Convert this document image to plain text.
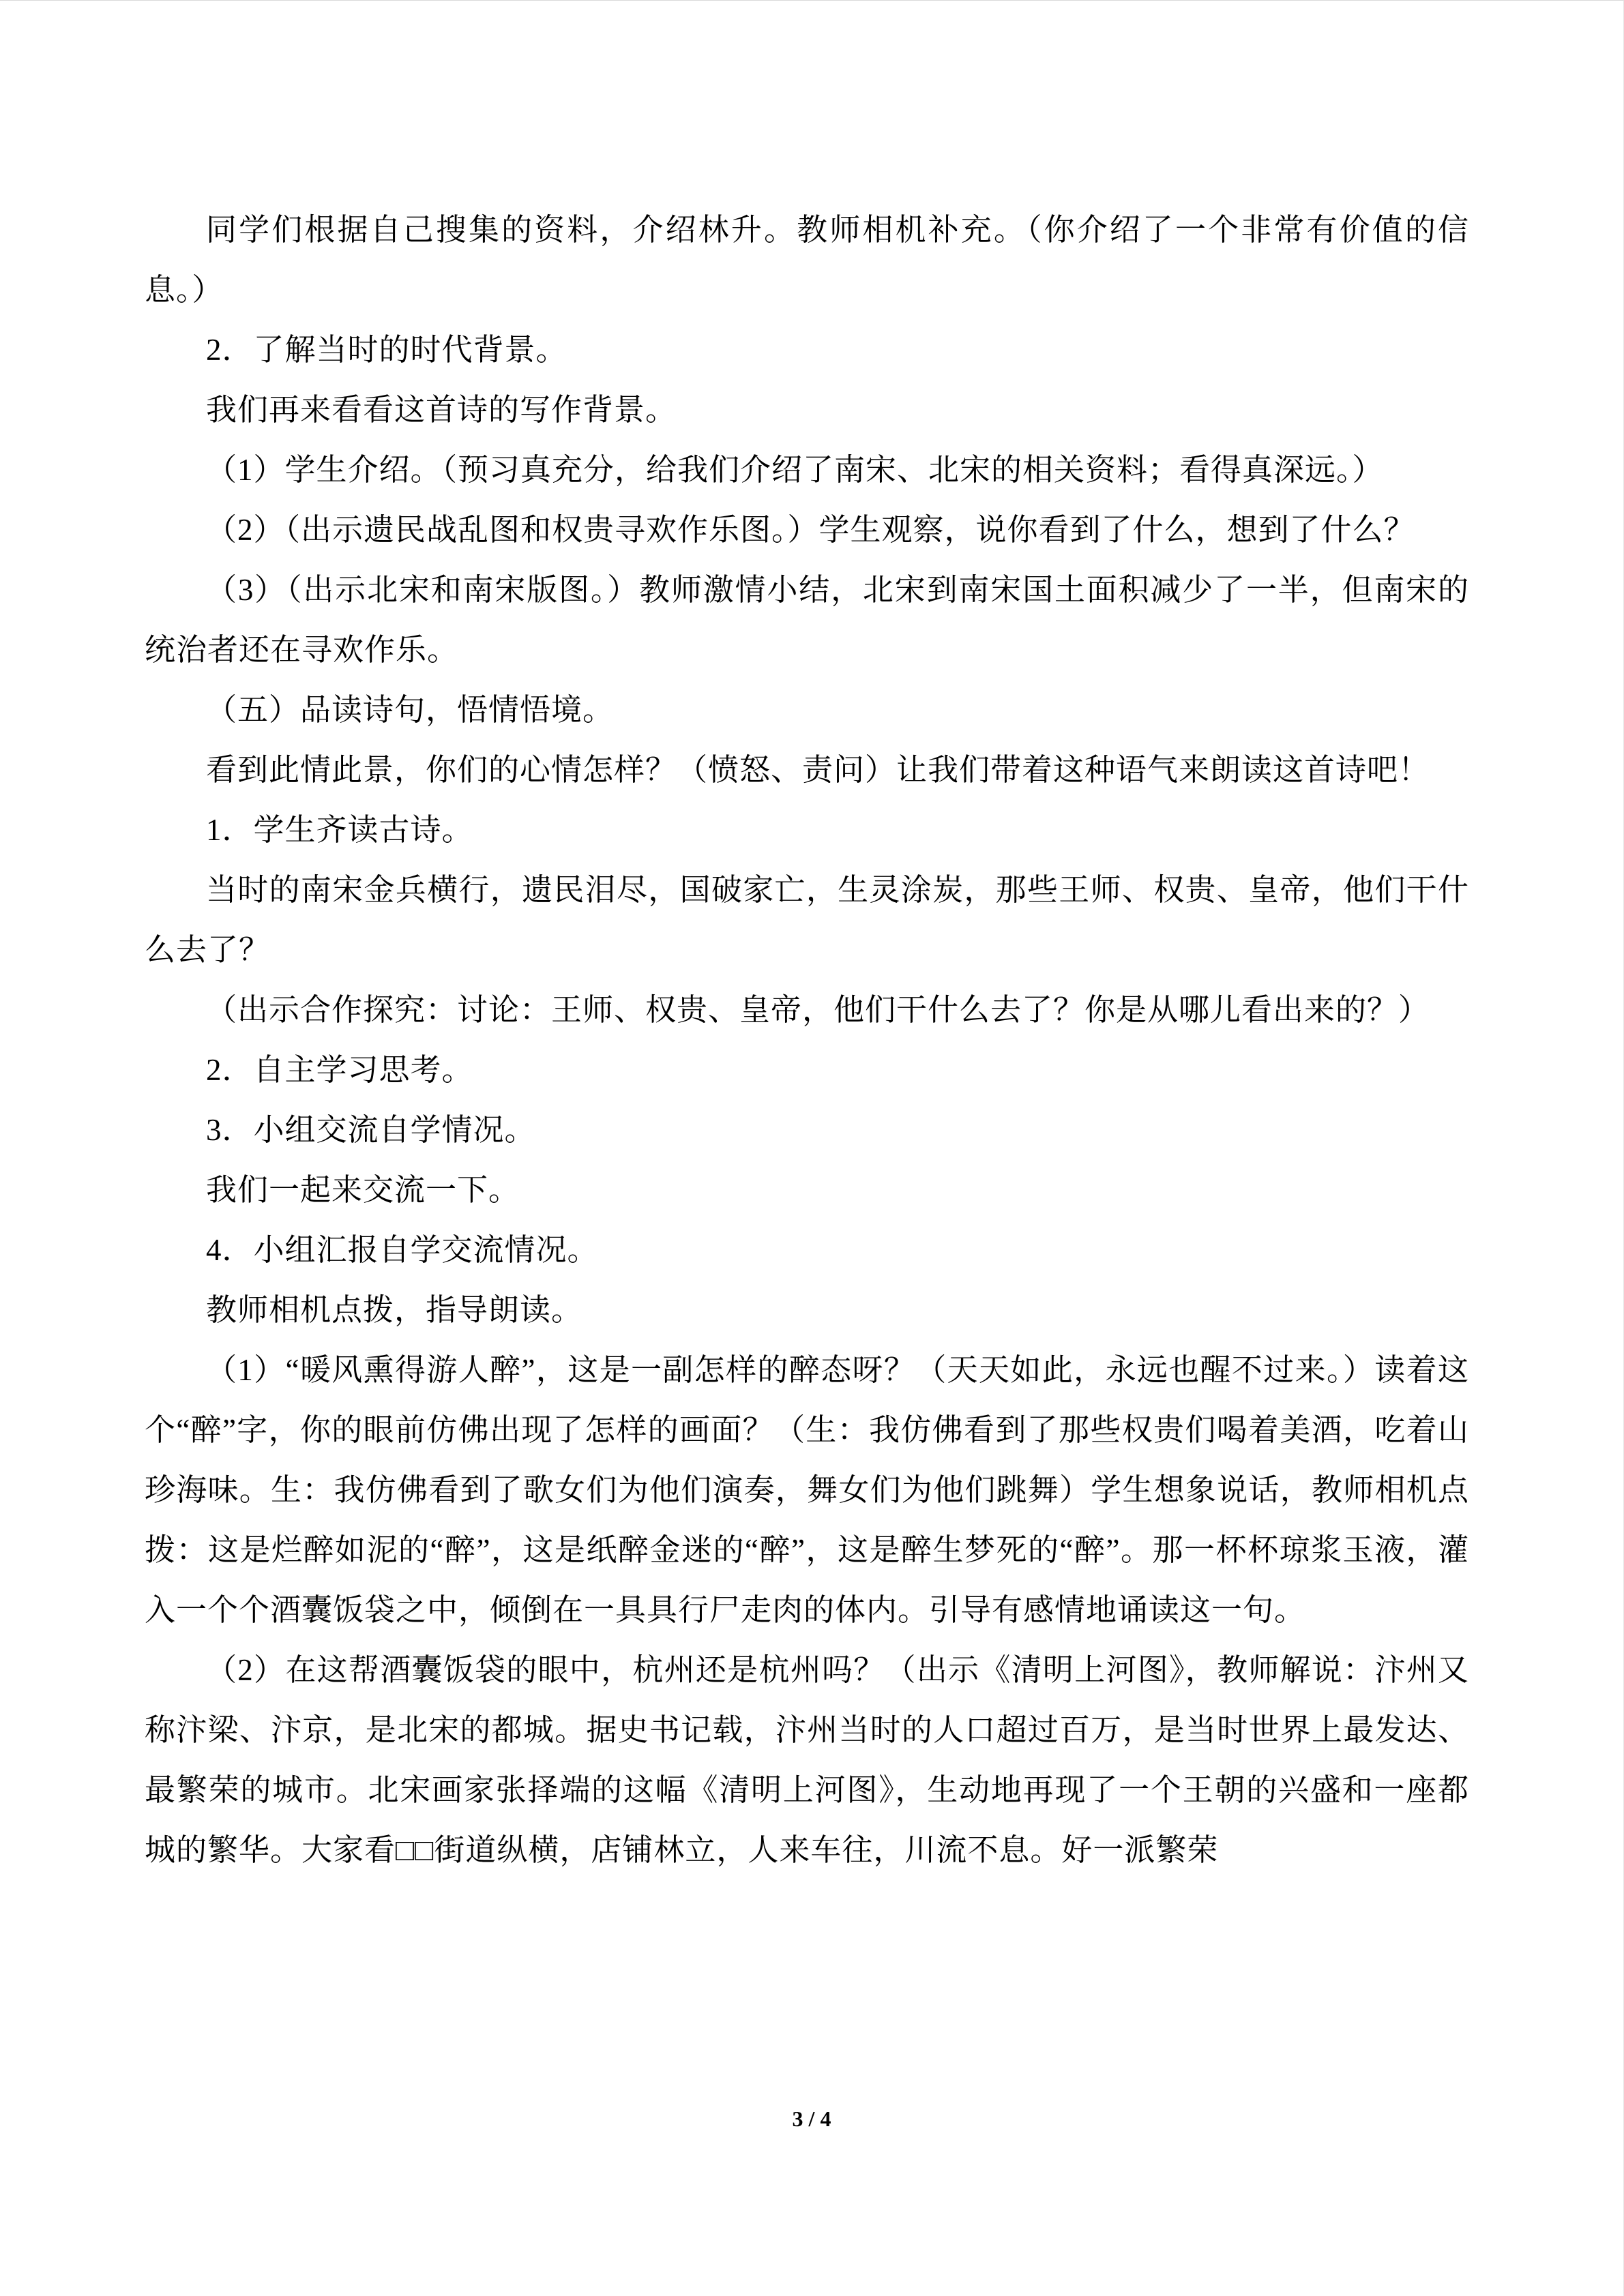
同学们根据自己搜集的资料，介绍林升。教师相机补充。（你介绍了一个非常有价值的信息。）

2．了解当时的时代背景。

我们再来看看这首诗的写作背景。

（1）学生介绍。（预习真充分，给我们介绍了南宋、北宋的相关资料；看得真深远。）

（2）（出示遗民战乱图和权贵寻欢作乐图。）学生观察，说你看到了什么，想到了什么？

（3）（出示北宋和南宋版图。）教师激情小结，北宋到南宋国土面积减少了一半，但南宋的统治者还在寻欢作乐。

（五）品读诗句，悟情悟境。

看到此情此景，你们的心情怎样？（愤怒、责问）让我们带着这种语气来朗读这首诗吧！

1．学生齐读古诗。

当时的南宋金兵横行，遗民泪尽，国破家亡，生灵涂炭，那些王师、权贵、皇帝，他们干什么去了？

（出示合作探究：讨论：王师、权贵、皇帝，他们干什么去了？你是从哪儿看出来的？）

2．自主学习思考。

3．小组交流自学情况。

我们一起来交流一下。

4．小组汇报自学交流情况。

教师相机点拨，指导朗读。

（1）“暖风熏得游人醉”，这是一副怎样的醉态呀？（天天如此，永远也醒不过来。）读着这个“醉”字，你的眼前仿佛出现了怎样的画面？（生：我仿佛看到了那些权贵们喝着美酒，吃着山珍海味。生：我仿佛看到了歌女们为他们演奏，舞女们为他们跳舞）学生想象说话，教师相机点拨：这是烂醉如泥的“醉”，这是纸醉金迷的“醉”，这是醉生梦死的“醉”。那一杯杯琼浆玉液，灌入一个个酒囊饭袋之中，倾倒在一具具行尸走肉的体内。引导有感情地诵读这一句。

（2）在这帮酒囊饭袋的眼中，杭州还是杭州吗？（出示《清明上河图》，教师解说：汴州又称汴梁、汴京，是北宋的都城。据史书记载，汴州当时的人口超过百万，是当时世界上最发达、最繁荣的城市。北宋画家张择端的这幅《清明上河图》，生动地再现了一个王朝的兴盛和一座都城的繁华。大家看□□街道纵横，店铺林立，人来车往，川流不息。好一派繁荣

3 / 4
